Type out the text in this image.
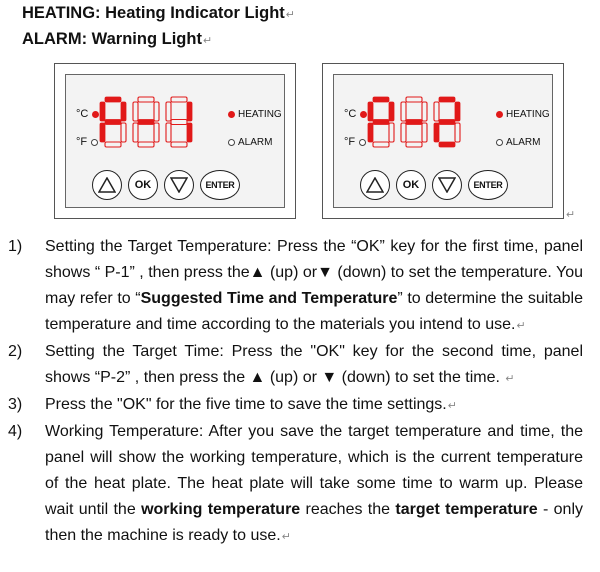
HEATING: Heating Indicator Light↵
ALARM: Warning Light↵
°C
°F
HEATING
ALARM
OK	ENTER
°C
°F
HEATING
ALARM
OK	ENTER
↵
1) Setting the Target Temperature: Press the “OK” key for the first time, panel shows “ P-1” , then press the▲ (up) or▼ (down) to set the temperature. You may refer to “Suggested Time and Temperature” to determine the suitable temperature and time according to the materials you intend to use.↵
2) Setting the Target Time: Press the "OK" key for the second time, panel shows “P-2” , then press the ▲ (up) or ▼ (down) to set the time. ↵
3) Press the "OK" for the five time to save the time settings.↵
4) Working Temperature: After you save the target temperature and time, the panel will show the working temperature, which is the current temperature of the heat plate. The heat plate will take some time to warm up. Please wait until the working temperature reaches the target temperature - only then the machine is ready to use.↵
